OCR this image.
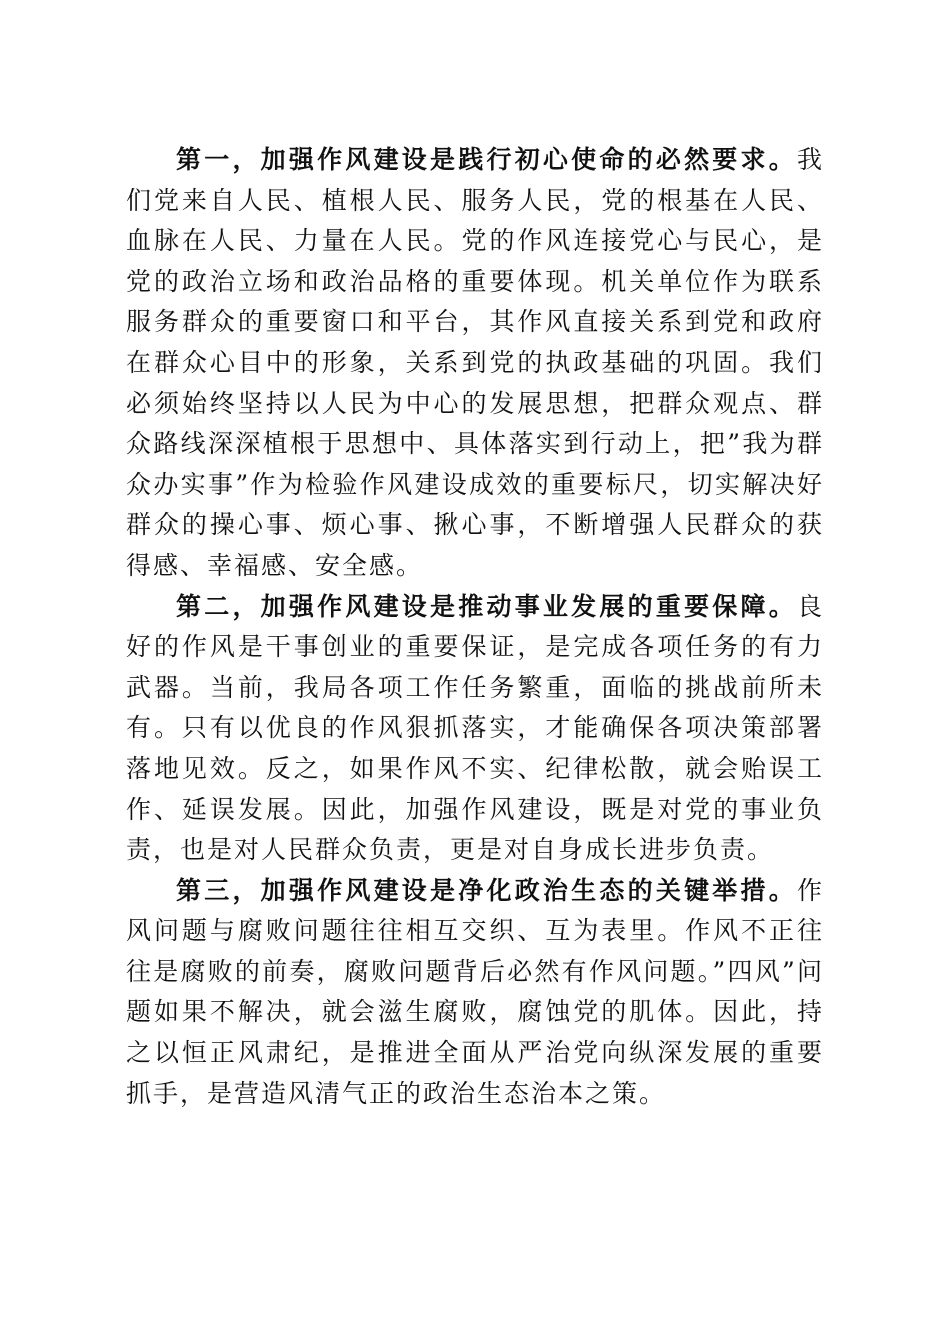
第一，加强作风建设是践行初心使命的必然要求。我们党来自人民、植根人民、服务人民，党的根基在人民、血脉在人民、力量在人民。党的作风连接党心与民心，是党的政治立场和政治品格的重要体现。机关单位作为联系服务群众的重要窗口和平台，其作风直接关系到党和政府在群众心目中的形象，关系到党的执政基础的巩固。我们必须始终坚持以人民为中心的发展思想，把群众观点、群众路线深深植根于思想中、具体落实到行动上，把”我为群众办实事”作为检验作风建设成效的重要标尺，切实解决好群众的操心事、烦心事、揪心事，不断增强人民群众的获得感、幸福感、安全感。

第二，加强作风建设是推动事业发展的重要保障。良好的作风是干事创业的重要保证，是完成各项任务的有力武器。当前，我局各项工作任务繁重，面临的挑战前所未有。只有以优良的作风狠抓落实，才能确保各项决策部署落地见效。反之，如果作风不实、纪律松散，就会贻误工作、延误发展。因此，加强作风建设，既是对党的事业负责，也是对人民群众负责，更是对自身成长进步负责。

第三，加强作风建设是净化政治生态的关键举措。作风问题与腐败问题往往相互交织、互为表里。作风不正往往是腐败的前奏，腐败问题背后必然有作风问题。”四风”问题如果不解决，就会滋生腐败，腐蚀党的肌体。因此，持之以恒正风肃纪，是推进全面从严治党向纵深发展的重要抓手，是营造风清气正的政治生态治本之策。
